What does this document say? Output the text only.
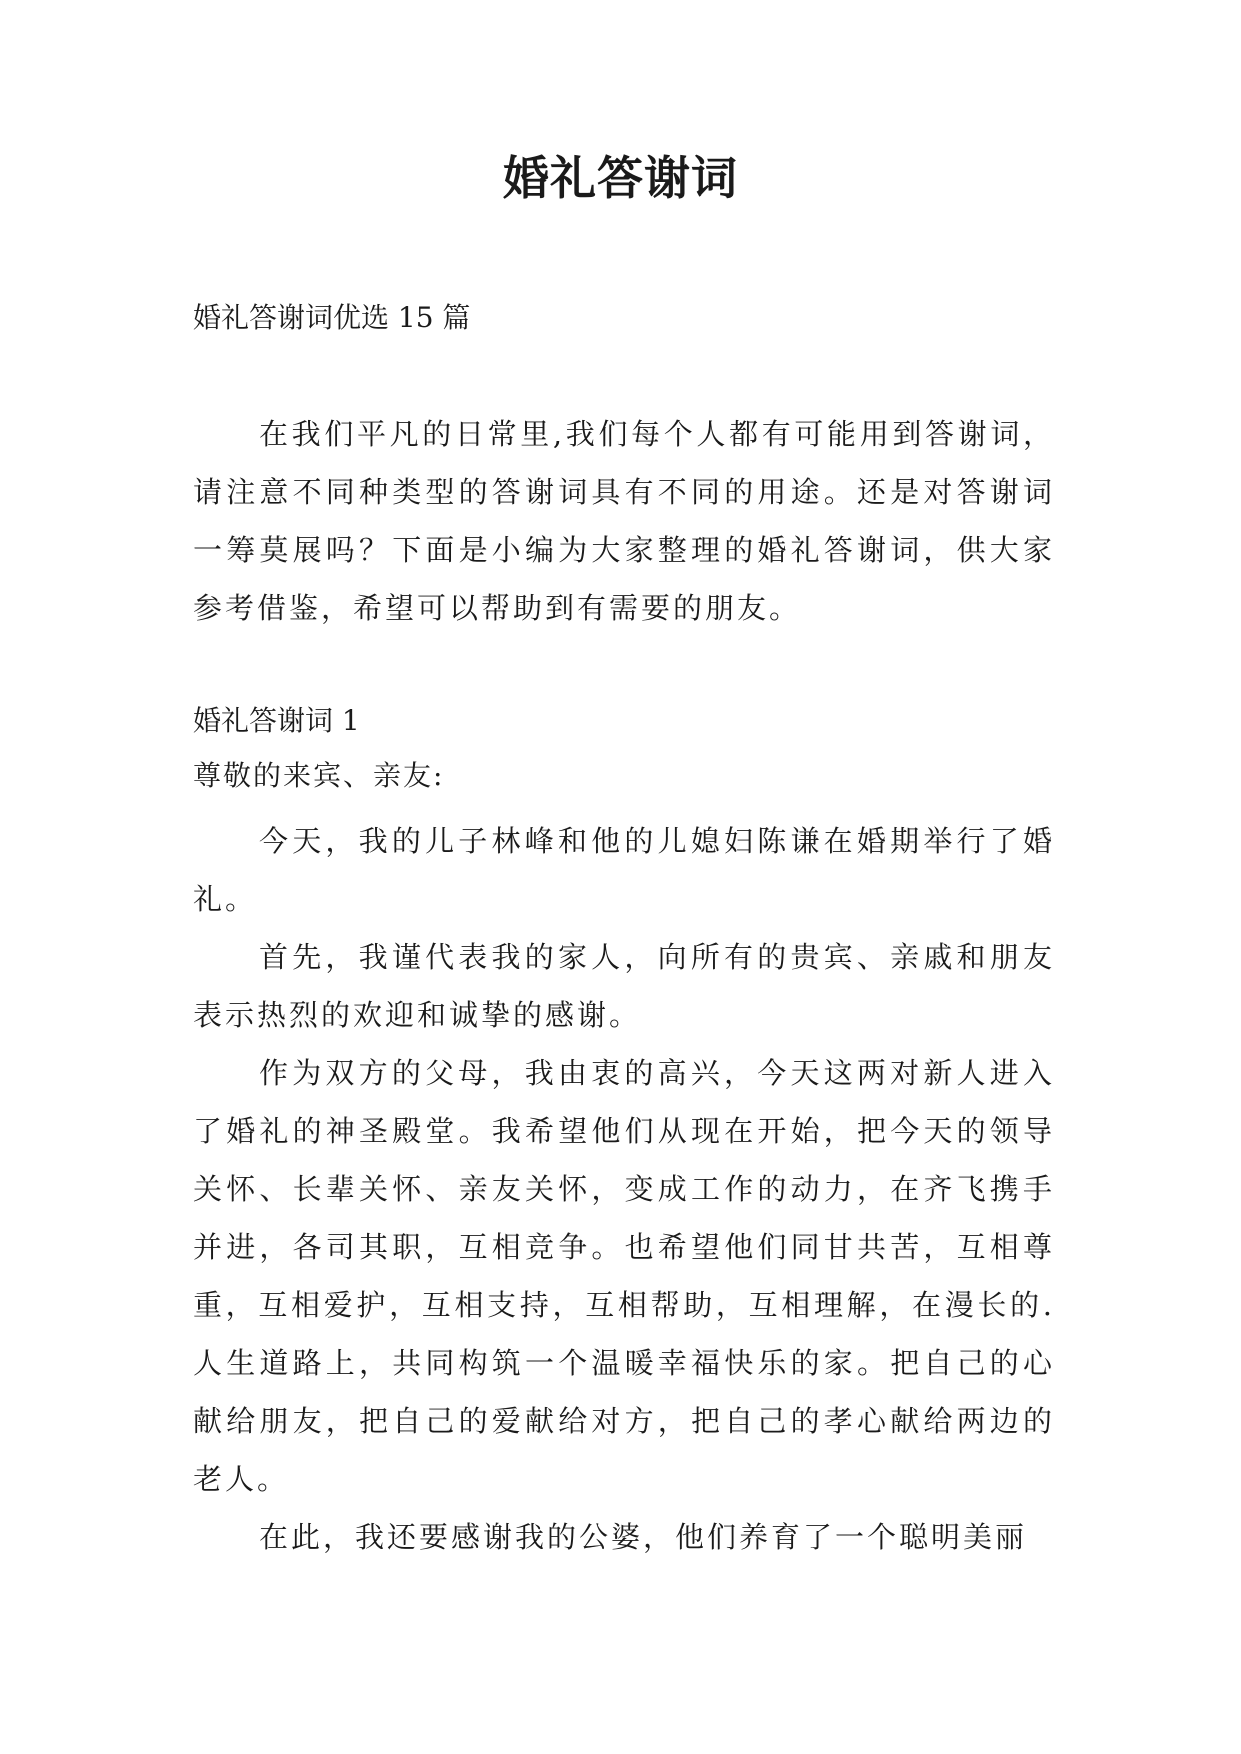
婚礼答谢词

婚礼答谢词优选 15 篇

在我们平凡的日常里,我们每个人都有可能用到答谢词，请注意不同种类型的答谢词具有不同的用途。还是对答谢词一筹莫展吗？下面是小编为大家整理的婚礼答谢词，供大家参考借鉴，希望可以帮助到有需要的朋友。

婚礼答谢词 1

尊敬的来宾、亲友:

今天，我的儿子林峰和他的儿媳妇陈谦在婚期举行了婚礼。

首先，我谨代表我的家人，向所有的贵宾、亲戚和朋友表示热烈的欢迎和诚挚的感谢。

作为双方的父母，我由衷的高兴，今天这两对新人进入了婚礼的神圣殿堂。我希望他们从现在开始，把今天的领导关怀、长辈关怀、亲友关怀，变成工作的动力，在齐飞携手并进，各司其职，互相竞争。也希望他们同甘共苦，互相尊重，互相爱护，互相支持，互相帮助，互相理解，在漫长的.人生道路上，共同构筑一个温暖幸福快乐的家。把自己的心献给朋友，把自己的爱献给对方，把自己的孝心献给两边的老人。

在此，我还要感谢我的公婆，他们养育了一个聪明美丽
